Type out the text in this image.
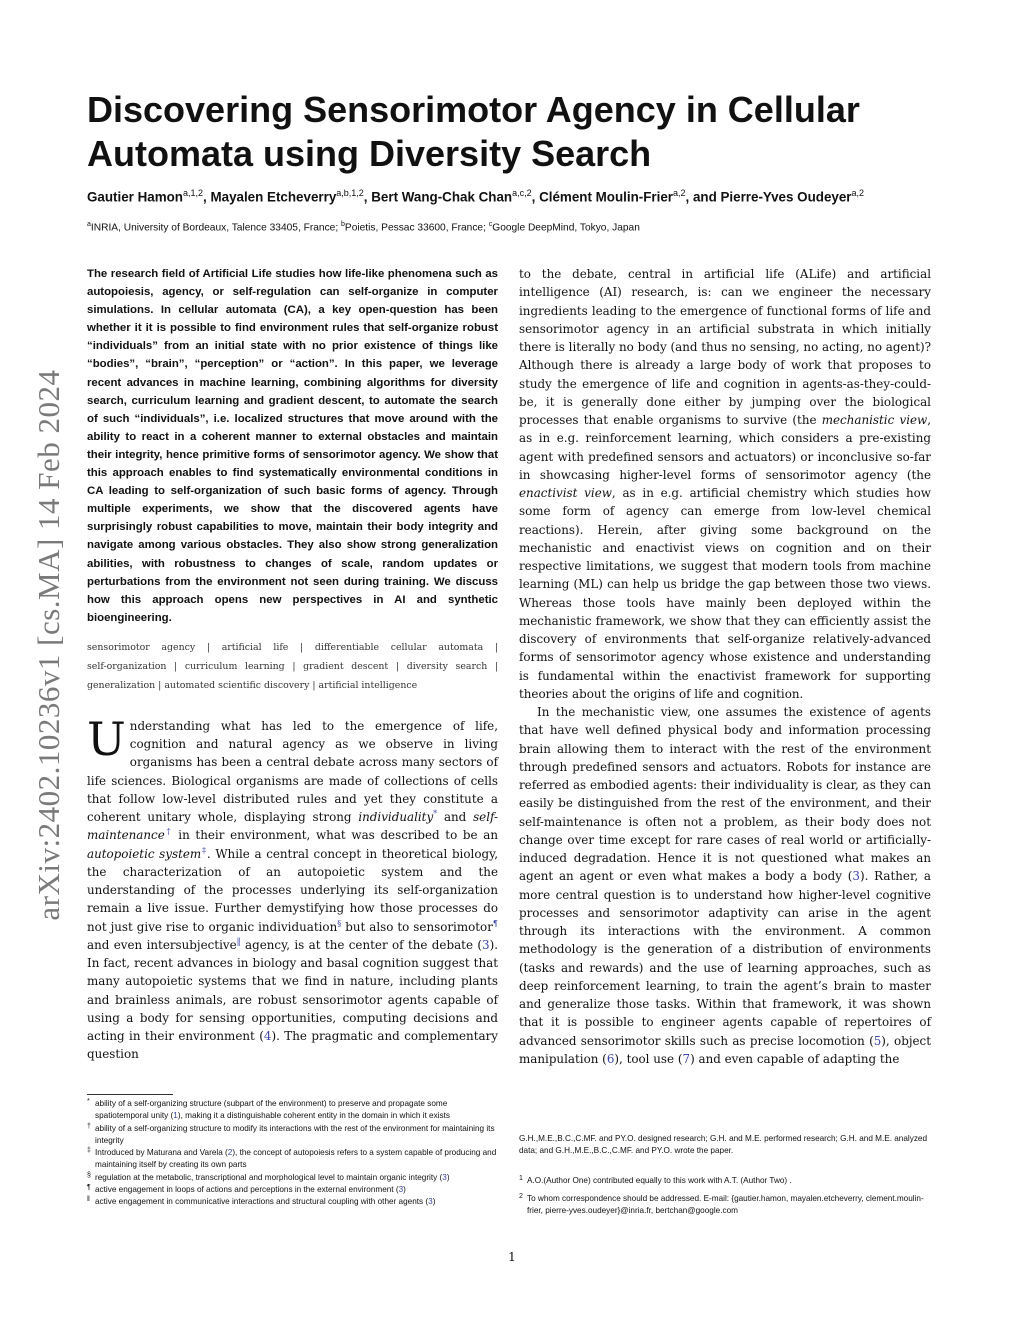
arXiv:2402.10236v1 [cs.MA] 14 Feb 2024
Discovering Sensorimotor Agency in Cellular Automata using Diversity Search
Gautier Hamon$^{a,1,2}$, Mayalen Etcheverry$^{a,b,1,2}$, Bert Wang-Chak Chan$^{a,c,2}$, Clément Moulin-Frier$^{a,2}$, and Pierre-Yves Oudeyer$^{a,2}$
$^a$INRIA, University of Bordeaux, Talence 33405, France; $^b$Poietis, Pessac 33600, France; $^c$Google DeepMind, Tokyo, Japan

The research field of Artificial Life studies how life-like phenomena such as autopoiesis, agency, or self-regulation can self-organize in computer simulations. In cellular automata (CA), a key open-question has been whether it it is possible to find environment rules that self-organize robust “individuals” from an initial state with no prior existence of things like “bodies”, “brain”, “perception” or “action”. In this paper, we leverage recent advances in machine learning, combining algorithms for diversity search, curriculum learning and gradient descent, to automate the search of such “individuals”, i.e. localized structures that move around with the ability to react in a coherent manner to external obstacles and maintain their integrity, hence primitive forms of sensorimotor agency. We show that this approach enables to find systematically environmental conditions in CA leading to self-organization of such basic forms of agency. Through multiple experiments, we show that the discovered agents have surprisingly robust capabilities to move, maintain their body integrity and navigate among various obstacles. They also show strong generalization abilities, with robustness to changes of scale, random updates or perturbations from the environment not seen during training. We discuss how this approach opens new perspectives in AI and synthetic bioengineering.

sensorimotor agency | artificial life | differentiable cellular automata | self-organization | curriculum learning | gradient descent | diversity search | generalization | automated scientific discovery | artificial intelligence

Understanding what has led to the emergence of life, cognition and natural agency as we observe in living organisms has been a central debate across many sectors of life sciences. Biological organisms are made of collections of cells that follow low-level distributed rules and yet they constitute a coherent unitary whole, displaying strong individuality* and self-maintenance† in their environment, what was described to be an autopoietic system‡. While a central concept in theoretical biology, the characterization of an autopoietic system and the understanding of the processes underlying its self-organization remain a live issue. Further demystifying how those processes do not just give rise to organic individuation§ but also to sensorimotor¶ and even intersubjective‖ agency, is at the center of the debate (3). In fact, recent advances in biology and basal cognition suggest that many autopoietic systems that we find in nature, including plants and brainless animals, are robust sensorimotor agents capable of using a body for sensing opportunities, computing decisions and acting in their environment (4). The pragmatic and complementary question

to the debate, central in artificial life (ALife) and artificial intelligence (AI) research, is: can we engineer the necessary ingredients leading to the emergence of functional forms of life and sensorimotor agency in an artificial substrata in which initially there is literally no body (and thus no sensing, no acting, no agent)? Although there is already a large body of work that proposes to study the emergence of life and cognition in agents-as-they-could-be, it is generally done either by jumping over the biological processes that enable organisms to survive (the mechanistic view, as in e.g. reinforcement learning, which considers a pre-existing agent with predefined sensors and actuators) or inconclusive so-far in showcasing higher-level forms of sensorimotor agency (the enactivist view, as in e.g. artificial chemistry which studies how some form of agency can emerge from low-level chemical reactions). Herein, after giving some background on the mechanistic and enactivist views on cognition and on their respective limitations, we suggest that modern tools from machine learning (ML) can help us bridge the gap between those two views. Whereas those tools have mainly been deployed within the mechanistic framework, we show that they can efficiently assist the discovery of environments that self-organize relatively-advanced forms of sensorimotor agency whose existence and understanding is fundamental within the enactivist framework for supporting theories about the origins of life and cognition.

In the mechanistic view, one assumes the existence of agents that have well defined physical body and information processing brain allowing them to interact with the rest of the environment through predefined sensors and actuators. Robots for instance are referred as embodied agents: their individuality is clear, as they can easily be distinguished from the rest of the environment, and their self-maintenance is often not a problem, as their body does not change over time except for rare cases of real world or artificially-induced degradation. Hence it is not questioned what makes an agent an agent or even what makes a body a body (3). Rather, a more central question is to understand how higher-level cognitive processes and sensorimotor adaptivity can arise in the agent through its interactions with the environment. A common methodology is the generation of a distribution of environments (tasks and rewards) and the use of learning approaches, such as deep reinforcement learning, to train the agent’s brain to master and generalize those tasks. Within that framework, it was shown that it is possible to engineer agents capable of repertoires of advanced sensorimotor skills such as precise locomotion (5), object manipulation (6), tool use (7) and even capable of adapting the

* ability of a self-organizing structure (subpart of the environment) to preserve and propagate some spatiotemporal unity (1), making it a distinguishable coherent entity in the domain in which it exists
† ability of a self-organizing structure to modify its interactions with the rest of the environment for maintaining its integrity
‡ Introduced by Maturana and Varela (2), the concept of autopoiesis refers to a system capable of producing and maintaining itself by creating its own parts
§ regulation at the metabolic, transcriptional and morphological level to maintain organic integrity (3)
¶ active engagement in loops of actions and perceptions in the external environment (3)
‖ active engagement in communicative interactions and structural coupling with other agents (3)

G.H.,M.E.,B.C.,C.MF. and PY.O. designed research; G.H. and M.E. performed research; G.H. and M.E. analyzed data; and G.H.,M.E.,B.C.,C.MF. and PY.O. wrote the paper.

1 A.O.(Author One) contributed equally to this work with A.T. (Author Two) .

2 To whom correspondence should be addressed. E-mail: {gautier.hamon, mayalen.etcheverry, clement.moulin-frier, pierre-yves.oudeyer}@inria.fr, bertchan@google.com

1
